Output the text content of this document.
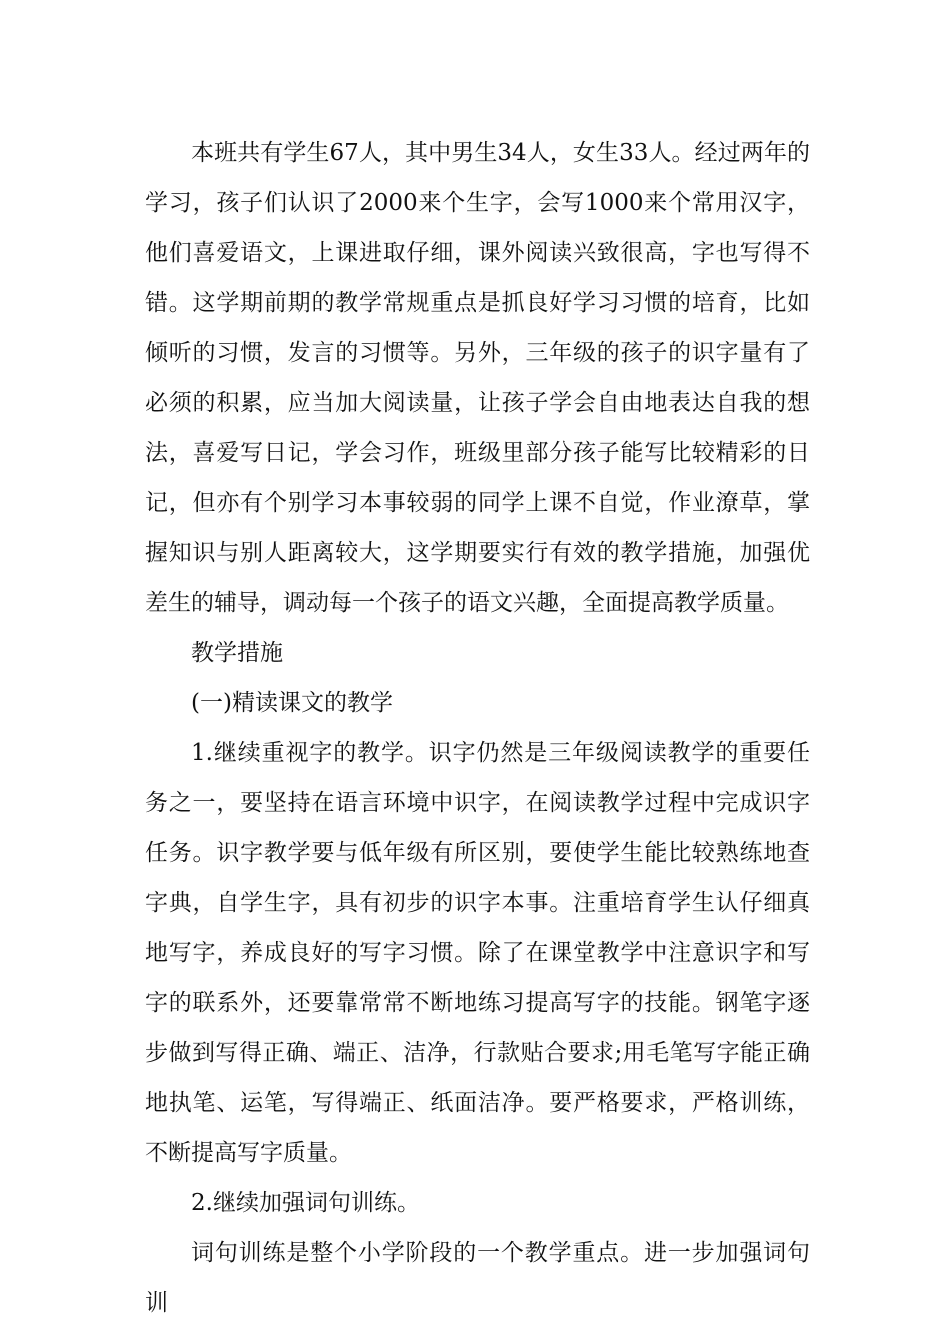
本班共有学生67人，其中男生34人，女生33人。经过两年的学习，孩子们认识了2000来个生字，会写1000来个常用汉字，他们喜爱语文，上课进取仔细，课外阅读兴致很高，字也写得不错。这学期前期的教学常规重点是抓良好学习习惯的培育，比如倾听的习惯，发言的习惯等。另外，三年级的孩子的识字量有了必须的积累，应当加大阅读量，让孩子学会自由地表达自我的想法，喜爱写日记，学会习作，班级里部分孩子能写比较精彩的日记，但亦有个别学习本事较弱的同学上课不自觉，作业潦草，掌握知识与别人距离较大，这学期要实行有效的教学措施，加强优差生的辅导，调动每一个孩子的语文兴趣，全面提高教学质量。

教学措施

(一)精读课文的教学

1.继续重视字的教学。识字仍然是三年级阅读教学的重要任务之一，要坚持在语言环境中识字，在阅读教学过程中完成识字任务。识字教学要与低年级有所区别，要使学生能比较熟练地查字典，自学生字，具有初步的识字本事。注重培育学生认仔细真地写字，养成良好的写字习惯。除了在课堂教学中注意识字和写字的联系外，还要靠常常不断地练习提高写字的技能。钢笔字逐步做到写得正确、端正、洁净，行款贴合要求;用毛笔写字能正确地执笔、运笔，写得端正、纸面洁净。要严格要求，严格训练，不断提高写字质量。

2.继续加强词句训练。

词句训练是整个小学阶段的一个教学重点。进一步加强词句训
